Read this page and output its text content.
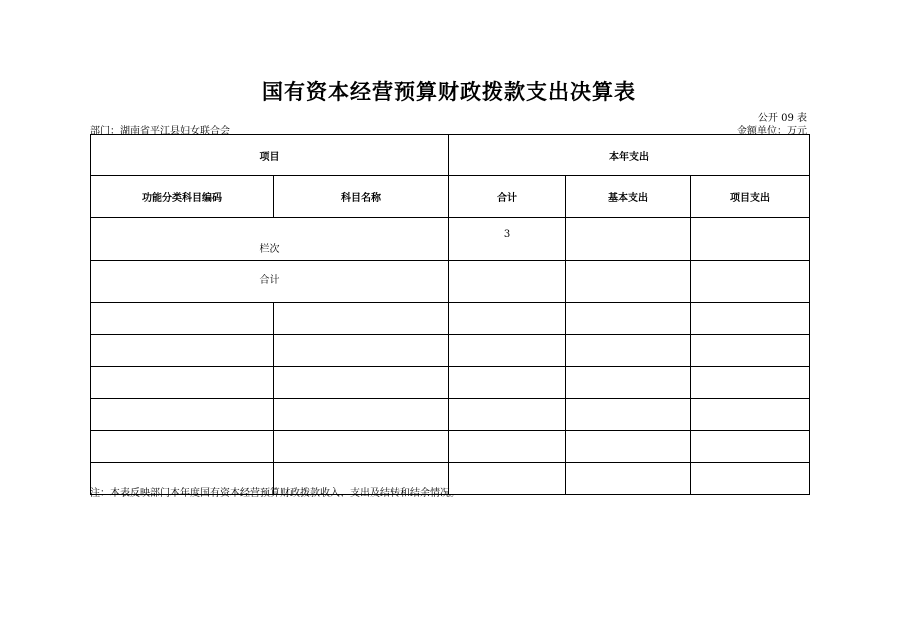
国有资本经营预算财政拨款支出决算表
公开 09 表
部门：湖南省平江县妇女联合会	金额单位：万元
项目		本年支出		
功能分类科目编码	科目名称	合计	基本支出	项目支出
栏次		3		
合计				

注：本表反映部门本年度国有资本经营预算财政拨款收入、支出及结转和结余情况。
